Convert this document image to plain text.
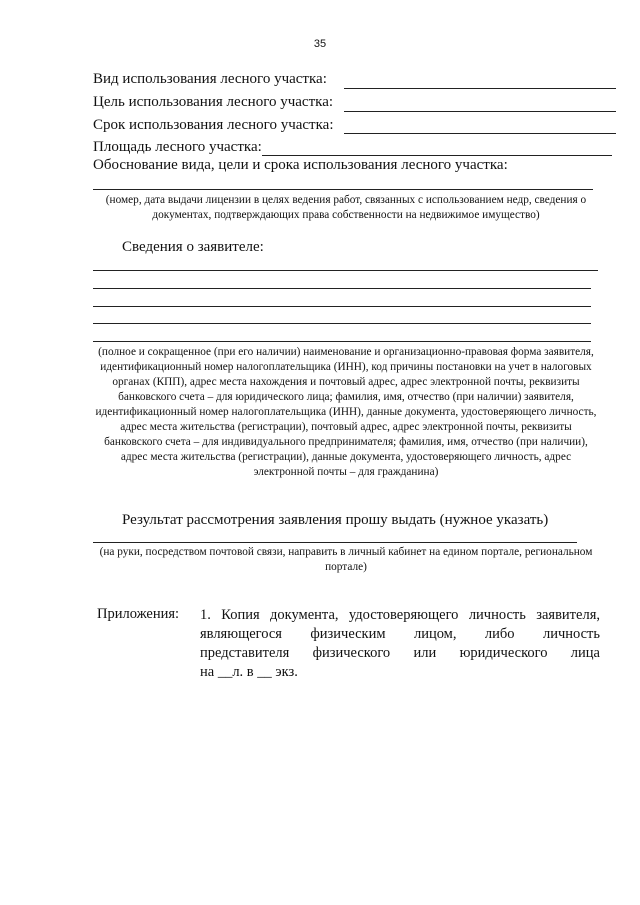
35
Вид использования лесного участка:
Цель использования лесного участка:
Срок использования лесного участка:
Площадь лесного участка:
Обоснование вида, цели и срока использования лесного участка:
(номер, дата выдачи лицензии в целях ведения работ, связанных с использованием недр, сведения о документах, подтверждающих права собственности на недвижимое имущество)
Сведения о заявителе:
(полное и сокращенное (при его наличии) наименование и организационно-правовая форма заявителя, идентификационный номер налогоплательщика (ИНН), код причины постановки на учет в налоговых органах (КПП), адрес места нахождения и почтовый адрес, адрес электронной почты, реквизиты банковского счета – для юридического лица; фамилия, имя, отчество (при наличии) заявителя, идентификационный номер налогоплательщика (ИНН), данные документа, удостоверяющего личность, адрес места жительства (регистрации), почтовый адрес, адрес электронной почты, реквизиты банковского счета – для индивидуального предпринимателя; фамилия, имя, отчество (при наличии), адрес места жительства (регистрации), данные документа, удостоверяющего личность, адрес электронной почты – для гражданина)
Результат рассмотрения заявления прошу выдать (нужное указать)
(на руки, посредством почтовой связи, направить в личный кабинет на едином портале, региональном портале)
Приложения: 1. Копия документа, удостоверяющего личность заявителя,
являющегося физическим лицом, либо личность
представителя физического или юридического лица
на __л. в __ экз.
